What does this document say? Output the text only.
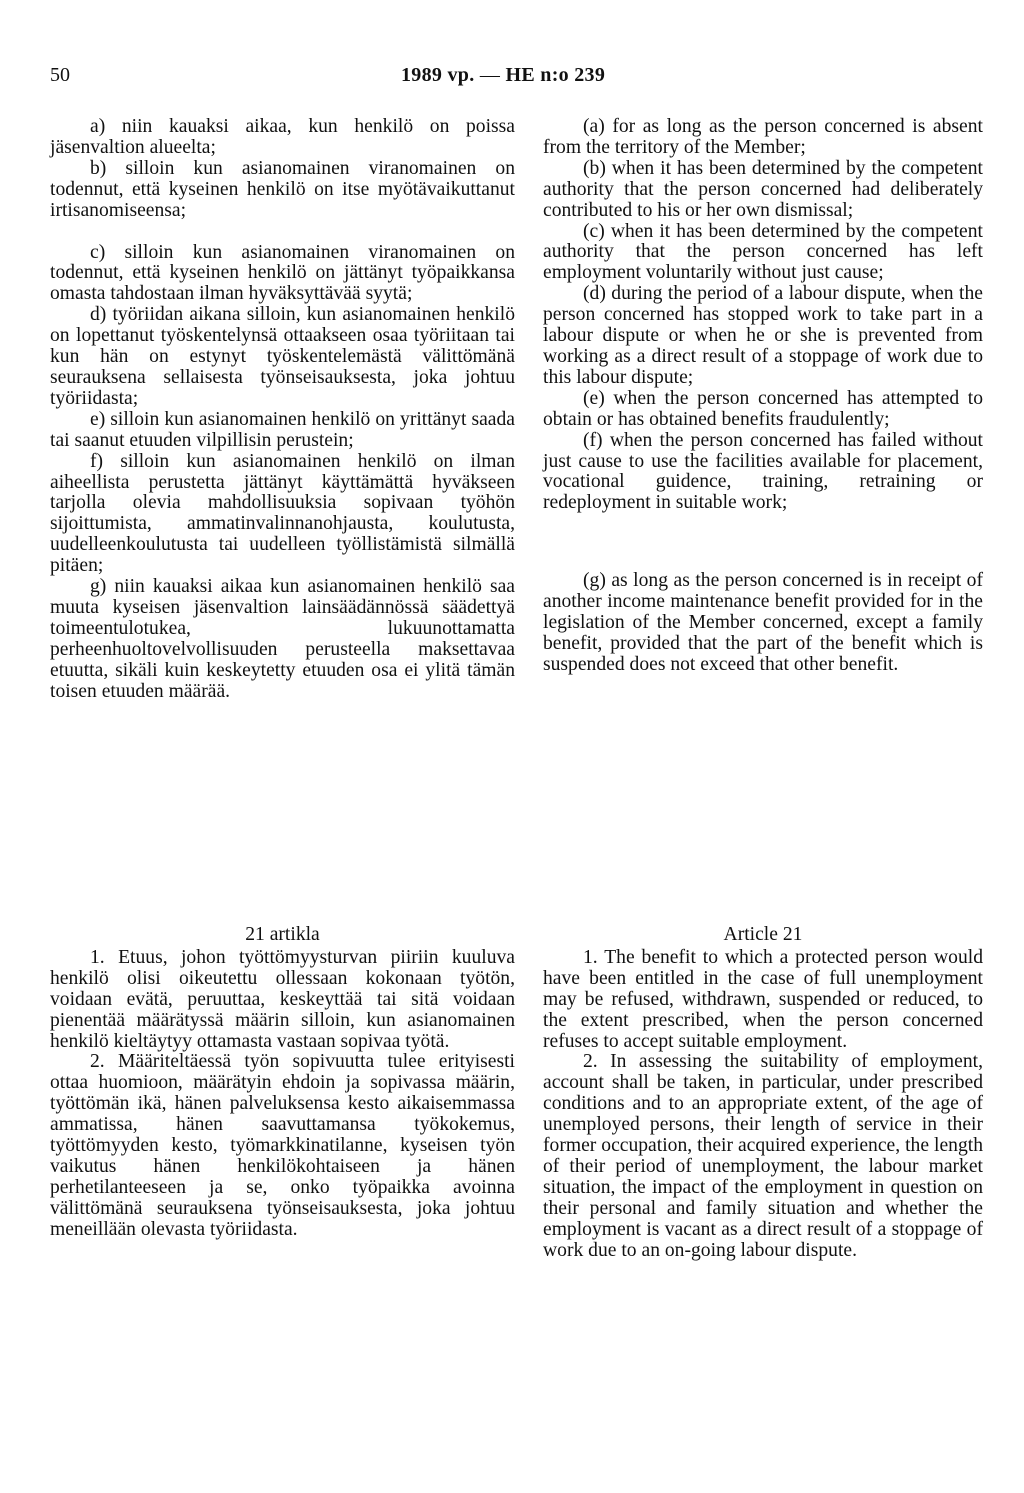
50	1989 vp. — HE n:o 239

a) niin kauaksi aikaa, kun henkilö on poissa jäsenvaltion alueelta;

b) silloin kun asianomainen viranomainen on todennut, että kyseinen henkilö on itse myötävaikuttanut irtisanomiseensa;

c) silloin kun asianomainen viranomainen on todennut, että kyseinen henkilö on jättänyt työpaikkansa omasta tahdostaan ilman hyväksyttävää syytä;

d) työriidan aikana silloin, kun asianomainen henkilö on lopettanut työskentelynsä ottaakseen osaa työriitaan tai kun hän on estynyt työskentelemästä välittömänä seurauksena sellaisesta työnseisauksesta, joka johtuu työriidasta;

e) silloin kun asianomainen henkilö on yrittänyt saada tai saanut etuuden vilpillisin perustein;

f) silloin kun asianomainen henkilö on ilman aiheellista perustetta jättänyt käyttämättä hyväkseen tarjolla olevia mahdollisuuksia sopivaan työhön sijoittumista, ammatinvalinnanohjausta, koulutusta, uudelleenkoulutusta tai uudelleen työllistämistä silmällä pitäen;

g) niin kauaksi aikaa kun asianomainen henkilö saa muuta kyseisen jäsenvaltion lainsäädännössä säädettyä toimeentulotukea, lukuunottamatta perheenhuoltovelvollisuuden perusteella maksettavaa etuutta, sikäli kuin keskeytetty etuuden osa ei ylitä tämän toisen etuuden määrää.

(a) for as long as the person concerned is absent from the territory of the Member;

(b) when it has been determined by the competent authority that the person concerned had deliberately contributed to his or her own dismissal;

(c) when it has been determined by the competent authority that the person concerned has left employment voluntarily without just cause;

(d) during the period of a labour dispute, when the person concerned has stopped work to take part in a labour dispute or when he or she is prevented from working as a direct result of a stoppage of work due to this labour dispute;

(e) when the person concerned has attempted to obtain or has obtained benefits fraudulently;

(f) when the person concerned has failed without just cause to use the facilities available for placement, vocational guidence, training, retraining or redeployment in suitable work;

(g) as long as the person concerned is in receipt of another income maintenance benefit provided for in the legislation of the Member concerned, except a family benefit, provided that the part of the benefit which is suspended does not exceed that other benefit.

21 artikla

1. Etuus, johon työttömyysturvan piiriin kuuluva henkilö olisi oikeutettu ollessaan kokonaan työtön, voidaan evätä, peruuttaa, keskeyttää tai sitä voidaan pienentää määrätyssä määrin silloin, kun asianomainen henkilö kieltäytyy ottamasta vastaan sopivaa työtä.

2. Määriteltäessä työn sopivuutta tulee erityisesti ottaa huomioon, määrätyin ehdoin ja sopivassa määrin, työttömän ikä, hänen palveluksensa kesto aikaisemmassa ammatissa, hänen saavuttamansa työkokemus, työttömyyden kesto, työmarkkinatilanne, kyseisen työn vaikutus hänen henkilökohtaiseen ja hänen perhetilanteeseen ja se, onko työpaikka avoinna välittömänä seurauksena työnseisauksesta, joka johtuu meneillään olevasta työriidasta.

Article 21

1. The benefit to which a protected person would have been entitled in the case of full unemployment may be refused, withdrawn, suspended or reduced, to the extent prescribed, when the person concerned refuses to accept suitable employment.

2. In assessing the suitability of employment, account shall be taken, in particular, under prescribed conditions and to an appropriate extent, of the age of unemployed persons, their length of service in their former occupation, their acquired experience, the length of their period of unemployment, the labour market situation, the impact of the employment in question on their personal and family situation and whether the employment is vacant as a direct result of a stoppage of work due to an on-going labour dispute.
